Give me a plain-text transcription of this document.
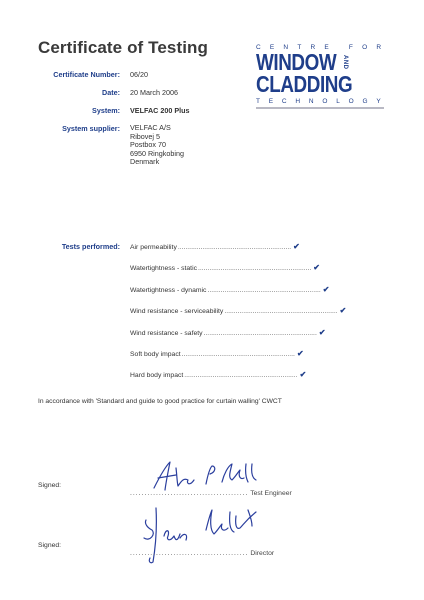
Certificate of Testing	CENTRE FOR
WINDOW AND
CLADDING
TECHNOLOGY
Certificate Number: 06/20
Date: 20 March 2006
System: VELFAC 200 Plus
System supplier: VELFAC A/S
Ribovej 5
Postbox 70
6950 Ringkobing
Denmark
Tests performed: Air permeability ............................................................ ✔
Watertightness - static ............................................................ ✔
Watertightness - dynamic ............................................................ ✔
Wind resistance - serviceability ............................................................ ✔
Wind resistance - safety ............................................................ ✔
Soft body impact ............................................................ ✔
Hard body impact ............................................................ ✔
In accordance with 'Standard and guide to good practice for curtain walling' CWCT
Signed:
......................................... Test Engineer
Signed:
......................................... Director
